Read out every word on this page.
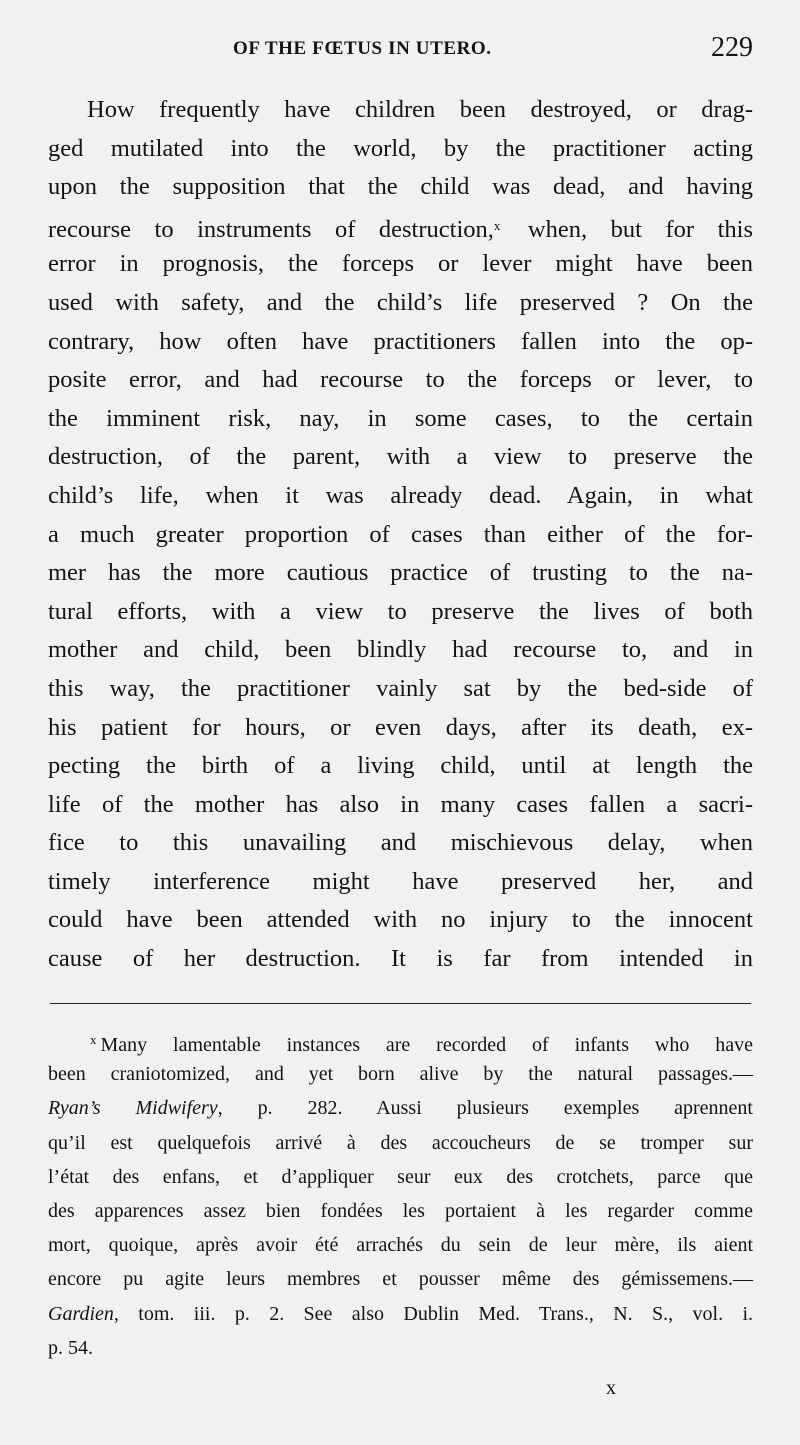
OF THE FŒTUS IN UTERO.	229
How frequently have children been destroyed, or drag-
ged mutilated into the world, by the practitioner acting
upon the supposition that the child was dead, and having
recourse to instruments of destruction,$^x$ when, but for this
error in prognosis, the forceps or lever might have been
used with safety, and the child’s life preserved ? On the
contrary, how often have practitioners fallen into the op-
posite error, and had recourse to the forceps or lever, to
the imminent risk, nay, in some cases, to the certain
destruction, of the parent, with a view to preserve the
child’s life, when it was already dead. Again, in what
a much greater proportion of cases than either of the for-
mer has the more cautious practice of trusting to the na-
tural efforts, with a view to preserve the lives of both
mother and child, been blindly had recourse to, and in
this way, the practitioner vainly sat by the bed-side of
his patient for hours, or even days, after its death, ex-
pecting the birth of a living child, until at length the
life of the mother has also in many cases fallen a sacri-
fice to this unavailing and mischievous delay, when
timely interference might have preserved her, and
could have been attended with no injury to the innocent
cause of her destruction. It is far from intended in
$^x$ Many lamentable instances are recorded of infants who have
been craniotomized, and yet born alive by the natural passages.—
Ryan’s Midwifery, p. 282. Aussi plusieurs exemples aprennent
qu’il est quelquefois arrivé à des accoucheurs de se tromper sur
l’état des enfans, et d’appliquer seur eux des crotchets, parce que
des apparences assez bien fondées les portaient à les regarder comme
mort, quoique, après avoir été arrachés du sein de leur mère, ils aient
encore pu agite leurs membres et pousser même des gémissemens.—
Gardien, tom. iii. p. 2. See also Dublin Med. Trans., N. S., vol. i.
p. 54.
x
